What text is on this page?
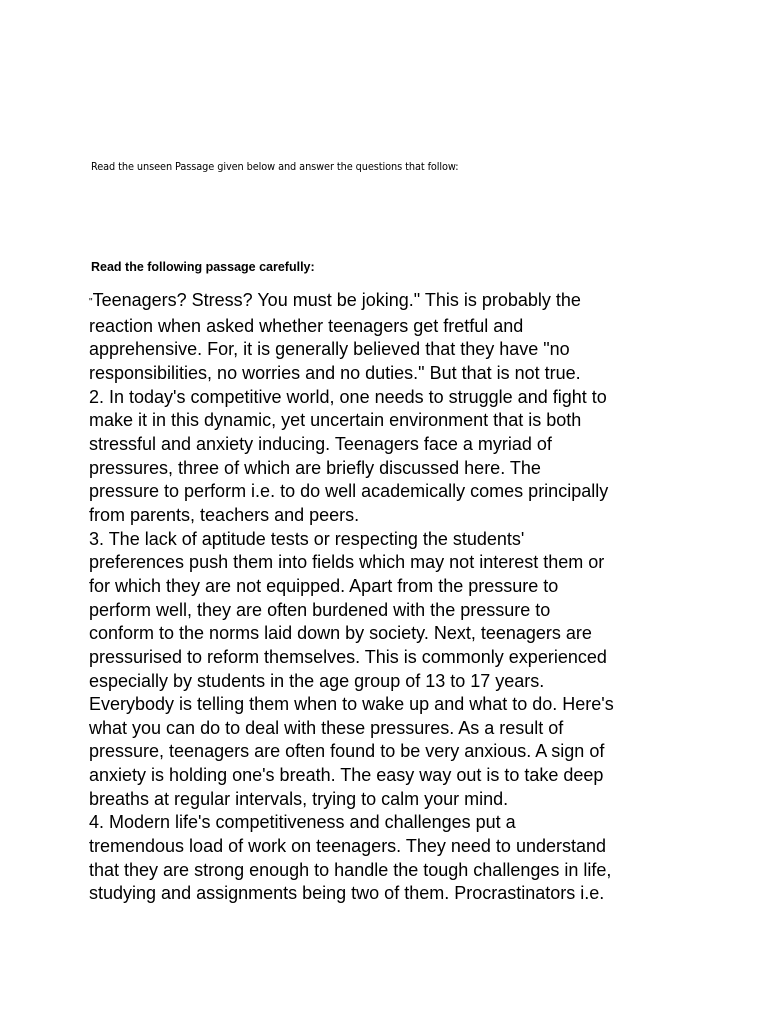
Read the unseen Passage given below and answer the questions that follow:
Read the following passage carefully:
"Teenagers? Stress? You must be joking." This is probably the
reaction when asked whether teenagers get fretful and
apprehensive. For, it is generally believed that they have "no
responsibilities, no worries and no duties." But that is not true.
2. In today's competitive world, one needs to struggle and fight to
make it in this dynamic, yet uncertain environment that is both
stressful and anxiety inducing. Teenagers face a myriad of
pressures, three of which are briefly discussed here. The
pressure to perform i.e. to do well academically comes principally
from parents, teachers and peers.
3. The lack of aptitude tests or respecting the students'
preferences push them into fields which may not interest them or
for which they are not equipped. Apart from the pressure to
perform well, they are often burdened with the pressure to
conform to the norms laid down by society. Next, teenagers are
pressurised to reform themselves. This is commonly experienced
especially by students in the age group of 13 to 17 years.
Everybody is telling them when to wake up and what to do. Here's
what you can do to deal with these pressures. As a result of
pressure, teenagers are often found to be very anxious. A sign of
anxiety is holding one's breath. The easy way out is to take deep
breaths at regular intervals, trying to calm your mind.
4. Modern life's competitiveness and challenges put a
tremendous load of work on teenagers. They need to understand
that they are strong enough to handle the tough challenges in life,
studying and assignments being two of them. Procrastinators i.e.
